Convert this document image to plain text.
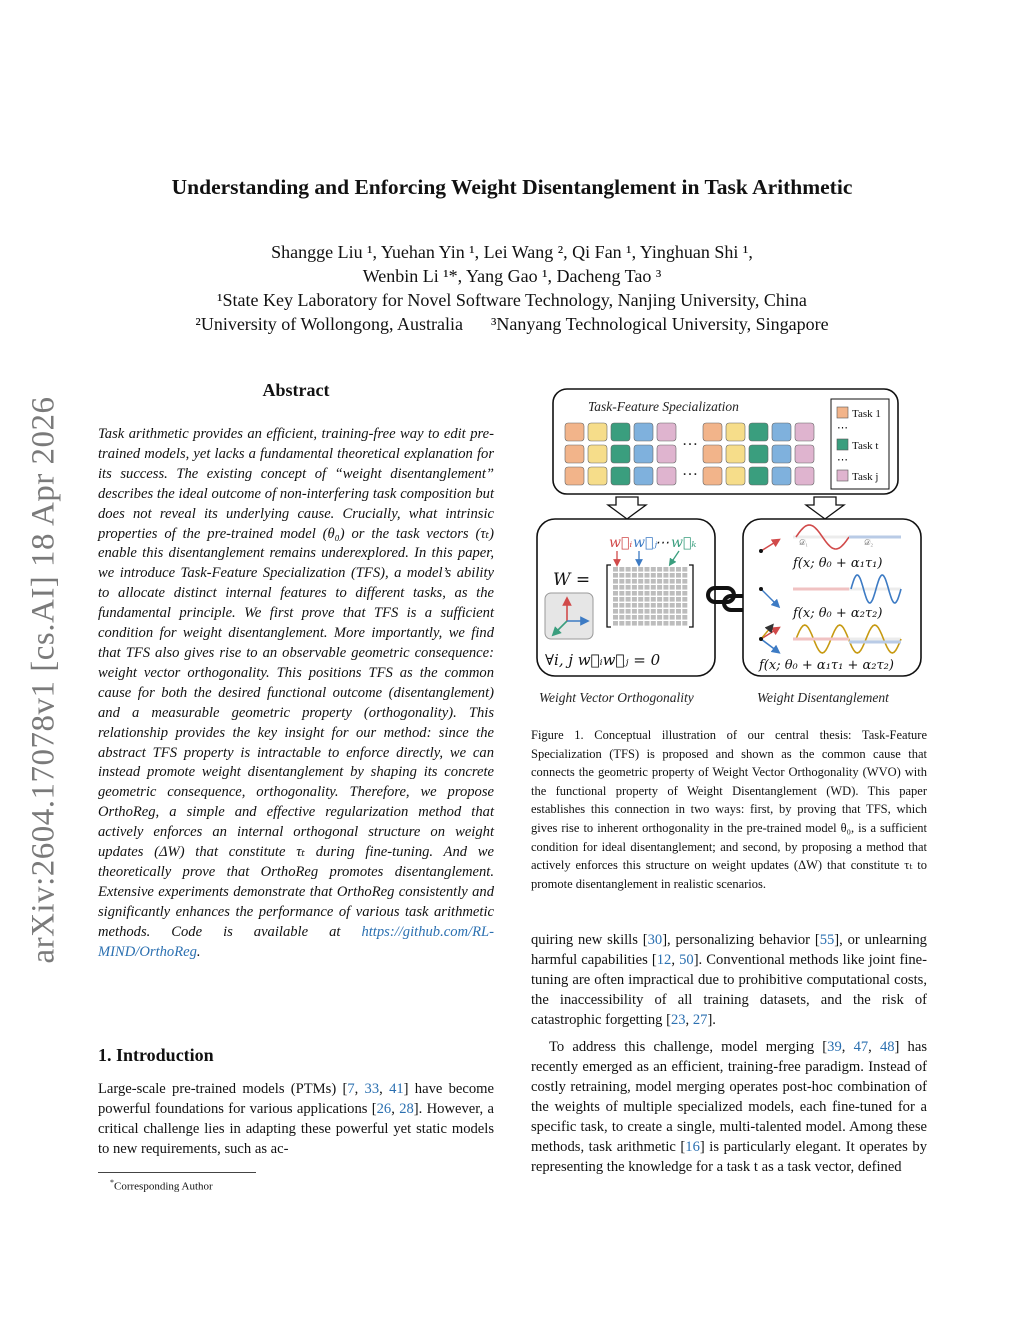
arXiv:2604.17078v1 [cs.AI] 18 Apr 2026
Understanding and Enforcing Weight Disentanglement in Task Arithmetic
Shangge Liu ¹, Yuehan Yin ¹, Lei Wang ², Qi Fan ¹, Yinghuan Shi ¹,
Wenbin Li ¹*, Yang Gao ¹, Dacheng Tao ³
¹State Key Laboratory for Novel Software Technology, Nanjing University, China
²University of Wollongong, Australia ³Nanyang Technological University, Singapore
Abstract
Task arithmetic provides an efficient, training-free way to edit pre-trained models, yet lacks a fundamental theoretical explanation for its success. The existing concept of “weight disentanglement” describes the ideal outcome of non-interfering task composition but does not reveal its underlying cause. Crucially, what intrinsic properties of the pre-trained model (θ₀) or the task vectors (τₜ) enable this disentanglement remains underexplored. In this paper, we introduce Task-Feature Specialization (TFS), a model’s ability to allocate distinct internal features to different tasks, as the fundamental principle. We first prove that TFS is a sufficient condition for weight disentanglement. More importantly, we find that TFS also gives rise to an observable geometric consequence: weight vector orthogonality. This positions TFS as the common cause for both the desired functional outcome (disentanglement) and a measurable geometric property (orthogonality). This relationship provides the key insight for our method: since the abstract TFS property is intractable to enforce directly, we can instead promote weight disentanglement by shaping its concrete geometric consequence, orthogonality. Therefore, we propose OrthoReg, a simple and effective regularization method that actively enforces an internal orthogonal structure on weight updates (ΔW) that constitute τₜ during fine-tuning. And we theoretically prove that OrthoReg promotes disentanglement. Extensive experiments demonstrate that OrthoReg consistently and significantly enhances the performance of various task arithmetic methods. Code is available at https://github.com/RL-MIND/OrthoReg.
1. Introduction
Large-scale pre-trained models (PTMs) [7, 33, 41] have become powerful foundations for various applications [26, 28]. However, a critical challenge lies in adapting these powerful yet static models to new requirements, such as ac-
*Corresponding Author
Task-Feature Specialization
…
…
Task 1
⋯
Task t
⋯
Task j
W =
w⃗ᵢ w⃗ⱼ
⋯ w⃗ₖ
∀i, j w⃗ᵢw⃗ⱼ = 0
𝒟₁	𝒟₂
f(x; θ₀ + α₁τ₁)
f(x; θ₀ + α₂τ₂)
f(x; θ₀ + α₁τ₁ + α₂τ₂)
Weight Vector Orthogonality	Weight Disentanglement
Figure 1. Conceptual illustration of our central thesis: Task-Feature Specialization (TFS) is proposed and shown as the common cause that connects the geometric property of Weight Vector Orthogonality (WVO) with the functional property of Weight Disentanglement (WD). This paper establishes this connection in two ways: first, by proving that TFS, which gives rise to inherent orthogonality in the pre-trained model θ₀, is a sufficient condition for ideal disentanglement; and second, by proposing a method that actively enforces this structure on weight updates (ΔW) that constitute τₜ to promote disentanglement in realistic scenarios.

quiring new skills [30], personalizing behavior [55], or unlearning harmful capabilities [12, 50]. Conventional methods like joint fine-tuning are often impractical due to prohibitive computational costs, the inaccessibility of all training datasets, and the risk of catastrophic forgetting [23, 27].

To address this challenge, model merging [39, 47, 48] has recently emerged as an efficient, training-free paradigm. Instead of costly retraining, model merging operates post-hoc combination of the weights of multiple specialized models, each fine-tuned for a specific task, to create a single, multi-talented model. Among these methods, task arithmetic [16] is particularly elegant. It operates by representing the knowledge for a task t as a task vector, defined
